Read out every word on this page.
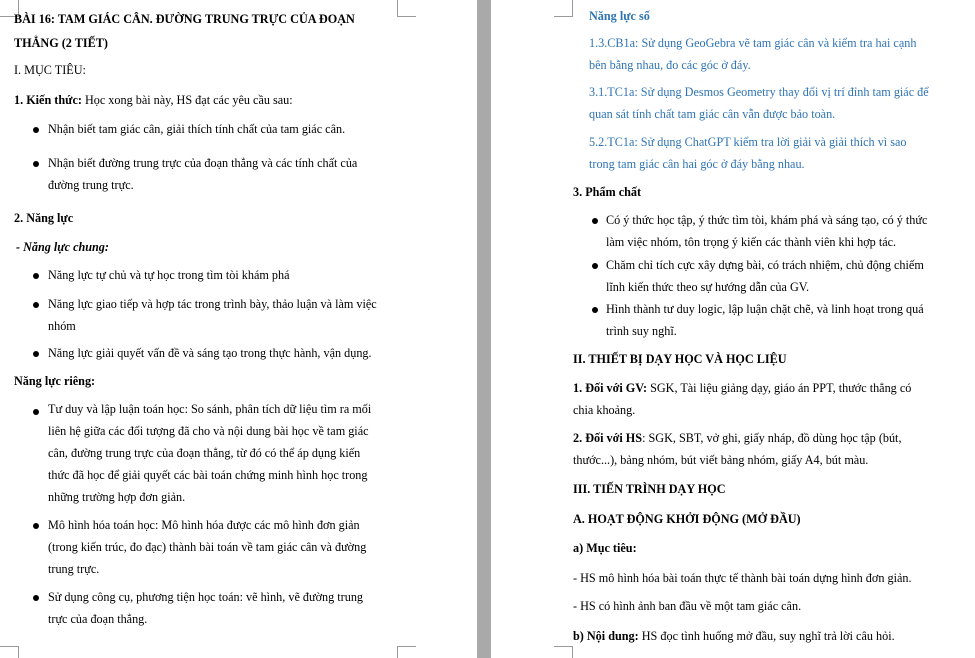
BÀI 16: TAM GIÁC CÂN. ĐƯỜNG TRUNG TRỰC CỦA ĐOẠN
THẲNG (2 TIẾT)
I. MỤC TIÊU:
1. Kiến thức: Học xong bài này, HS đạt các yêu cầu sau:
Nhận biết tam giác cân, giải thích tính chất của tam giác cân.
Nhận biết đường trung trực của đoạn thẳng và các tính chất của
đường trung trực.
2. Năng lực
- Năng lực chung:
Năng lực tự chủ và tự học trong tìm tòi khám phá
Năng lực giao tiếp và hợp tác trong trình bày, thảo luận và làm việc
nhóm
Năng lực giải quyết vấn đề và sáng tạo trong thực hành, vận dụng.
Năng lực riêng:
Tư duy và lập luận toán học: So sánh, phân tích dữ liệu tìm ra mối
liên hệ giữa các đối tượng đã cho và nội dung bài học về tam giác
cân, đường trung trực của đoạn thẳng, từ đó có thể áp dụng kiến
thức đã học để giải quyết các bài toán chứng minh hình học trong
những trường hợp đơn giản.
Mô hình hóa toán học: Mô hình hóa được các mô hình đơn giản
(trong kiến trúc, đo đạc) thành bài toán về tam giác cân và đường
trung trực.
Sử dụng công cụ, phương tiện học toán: vẽ hình, vẽ đường trung
trực của đoạn thẳng.
Năng lực số
1.3.CB1a: Sử dụng GeoGebra vẽ tam giác cân và kiểm tra hai cạnh
bên bằng nhau, đo các góc ở đáy.
3.1.TC1a: Sử dụng Desmos Geometry thay đổi vị trí đỉnh tam giác để
quan sát tính chất tam giác cân vẫn được bảo toàn.
5.2.TC1a: Sử dụng ChatGPT kiểm tra lời giải và giải thích vì sao
trong tam giác cân hai góc ở đáy bằng nhau.
3. Phẩm chất
Có ý thức học tập, ý thức tìm tòi, khám phá và sáng tạo, có ý thức
làm việc nhóm, tôn trọng ý kiến các thành viên khi hợp tác.
Chăm chỉ tích cực xây dựng bài, có trách nhiệm, chủ động chiếm
lĩnh kiến thức theo sự hướng dẫn của GV.
Hình thành tư duy logic, lập luận chặt chẽ, và linh hoạt trong quá
trình suy nghĩ.
II. THIẾT BỊ DẠY HỌC VÀ HỌC LIỆU
1. Đối với GV: SGK, Tài liệu giảng dạy, giáo án PPT, thước thẳng có
chia khoảng.
2. Đối với HS: SGK, SBT, vở ghi, giấy nháp, đồ dùng học tập (bút,
thước...), bảng nhóm, bút viết bảng nhóm, giấy A4, bút màu.
III. TIẾN TRÌNH DẠY HỌC
A. HOẠT ĐỘNG KHỞI ĐỘNG (MỞ ĐẦU)
a) Mục tiêu:
- HS mô hình hóa bài toán thực tế thành bài toán dựng hình đơn giản.
- HS có hình ảnh ban đầu về một tam giác cân.
b) Nội dung: HS đọc tình huống mở đầu, suy nghĩ trả lời câu hỏi.
